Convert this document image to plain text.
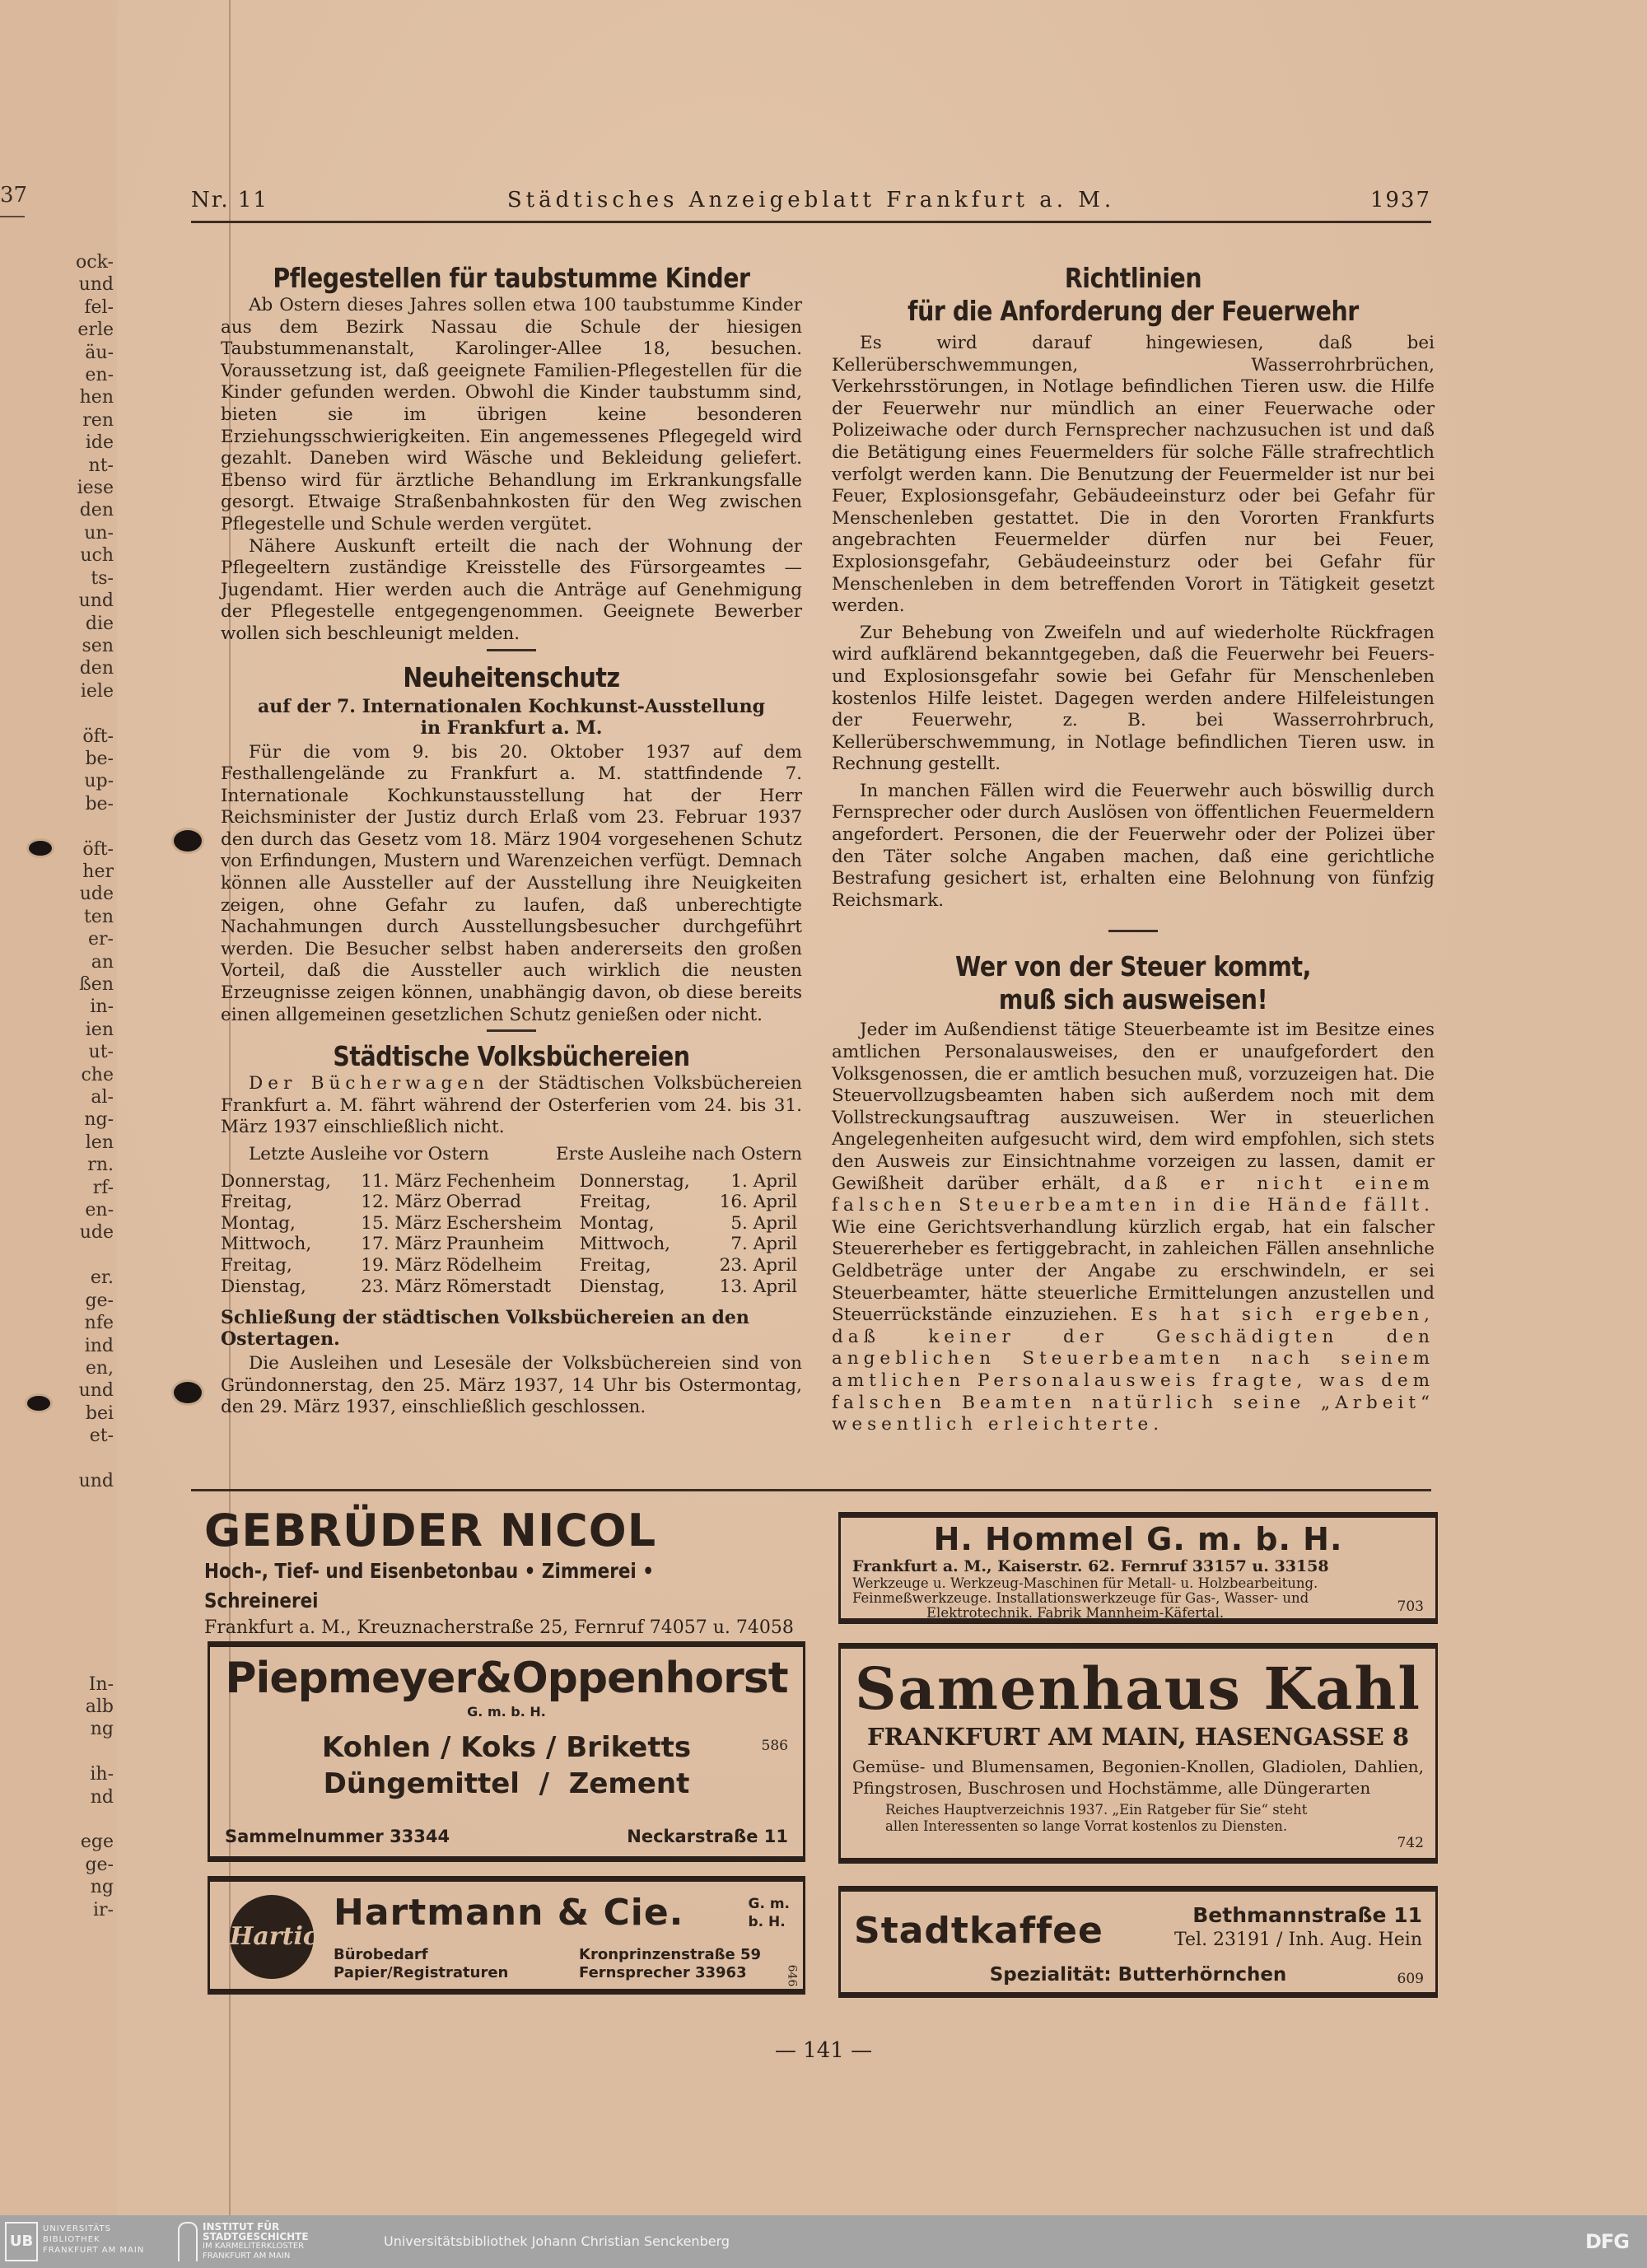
37
ock-
und
fel-
erle
äu-
en-
hen
ren
ide
nt-
iese
den
un-
uch
ts-
und
die
sen
den
iele

öft-
be-
up-
be-

öft-
her
ude
ten
er-
an
ßen
in-
ien
ut-
che
al-
ng-
len
rn.
rf-
en-
ude

er.
ge-
nfe
ind
en,
und
bei
et-

und

In-
alb
ng

ih-
nd

ege
ge-
ng
ir-
Nr. 11	Städtisches Anzeigeblatt Frankfurt a. M.	1937
Pflegestellen für taubstumme Kinder

Ab Ostern dieses Jahres sollen etwa 100 taubstumme Kinder aus dem Bezirk Nassau die Schule der hiesigen Taubstummenanstalt, Karolinger-Allee 18, besuchen. Voraussetzung ist, daß geeignete Familien-Pflegestellen für die Kinder gefunden werden. Obwohl die Kinder taubstumm sind, bieten sie im übrigen keine besonderen Erziehungsschwierigkeiten. Ein angemessenes Pflegegeld wird gezahlt. Daneben wird Wäsche und Bekleidung geliefert. Ebenso wird für ärztliche Behandlung im Erkrankungsfalle gesorgt. Etwaige Straßenbahnkosten für den Weg zwischen Pflegestelle und Schule werden vergütet.

Nähere Auskunft erteilt die nach der Wohnung der Pflegeeltern zuständige Kreisstelle des Fürsorgeamtes — Jugendamt. Hier werden auch die Anträge auf Genehmigung der Pflegestelle entgegengenommen. Geeignete Bewerber wollen sich beschleunigt melden.

Neuheitenschutz
auf der 7. Internationalen Kochkunst-Ausstellung
in Frankfurt a. M.

Für die vom 9. bis 20. Oktober 1937 auf dem Festhallengelände zu Frankfurt a. M. stattfindende 7. Internationale Kochkunstausstellung hat der Herr Reichsminister der Justiz durch Erlaß vom 23. Februar 1937 den durch das Gesetz vom 18. März 1904 vorgesehenen Schutz von Erfindungen, Mustern und Warenzeichen verfügt. Demnach können alle Aussteller auf der Ausstellung ihre Neuigkeiten zeigen, ohne Gefahr zu laufen, daß unberechtigte Nachahmungen durch Ausstellungsbesucher durchgeführt werden. Die Besucher selbst haben andererseits den großen Vorteil, daß die Aussteller auch wirklich die neusten Erzeugnisse zeigen können, unabhängig davon, ob diese bereits einen allgemeinen gesetzlichen Schutz genießen oder nicht.

Städtische Volksbüchereien

Der Bücherwagen der Städtischen Volksbüchereien Frankfurt a. M. fährt während der Osterferien vom 24. bis 31. März 1937 einschließlich nicht.

Letzte Ausleihe vor Ostern	Erste Ausleihe nach Ostern
Donnerstag,	11. März	Fechenheim	Donnerstag,	1. April
Freitag,	12. März	Oberrad	Freitag,	16. April
Montag,	15. März	Eschersheim	Montag,	5. April
Mittwoch,	17. März	Praunheim	Mittwoch,	7. April
Freitag,	19. März	Rödelheim	Freitag,	23. April
Dienstag,	23. März	Römerstadt	Dienstag,	13. April
Schließung der städtischen Volksbüchereien an den Ostertagen.

Die Ausleihen und Lesesäle der Volksbüchereien sind von Gründonnerstag, den 25. März 1937, 14 Uhr bis Ostermontag, den 29. März 1937, einschließlich geschlossen.

Richtlinien
für die Anforderung der Feuerwehr

Es wird darauf hingewiesen, daß bei Kellerüberschwemmungen, Wasserrohrbrüchen, Verkehrsstörungen, in Notlage befindlichen Tieren usw. die Hilfe der Feuerwehr nur mündlich an einer Feuerwache oder Polizeiwache oder durch Fernsprecher nachzusuchen ist und daß die Betätigung eines Feuermelders für solche Fälle strafrechtlich verfolgt werden kann. Die Benutzung der Feuermelder ist nur bei Feuer, Explosionsgefahr, Gebäudeeinsturz oder bei Gefahr für Menschenleben gestattet. Die in den Vororten Frankfurts angebrachten Feuermelder dürfen nur bei Feuer, Explosionsgefahr, Gebäudeeinsturz oder bei Gefahr für Menschenleben in dem betreffenden Vorort in Tätigkeit gesetzt werden.

Zur Behebung von Zweifeln und auf wiederholte Rückfragen wird aufklärend bekanntgegeben, daß die Feuerwehr bei Feuers- und Explosionsgefahr sowie bei Gefahr für Menschenleben kostenlos Hilfe leistet. Dagegen werden andere Hilfeleistungen der Feuerwehr, z. B. bei Wasserrohrbruch, Kellerüberschwemmung, in Notlage befindlichen Tieren usw. in Rechnung gestellt.

In manchen Fällen wird die Feuerwehr auch böswillig durch Fernsprecher oder durch Auslösen von öffentlichen Feuermeldern angefordert. Personen, die der Feuerwehr oder der Polizei über den Täter solche Angaben machen, daß eine gerichtliche Bestrafung gesichert ist, erhalten eine Belohnung von fünfzig Reichsmark.

Wer von der Steuer kommt,
muß sich ausweisen!

Jeder im Außendienst tätige Steuerbeamte ist im Besitze eines amtlichen Personalausweises, den er unaufgefordert den Volksgenossen, die er amtlich besuchen muß, vorzuzeigen hat. Die Steuervollzugsbeamten haben sich außerdem noch mit dem Vollstreckungsauftrag auszuweisen. Wer in steuerlichen Angelegenheiten aufgesucht wird, dem wird empfohlen, sich stets den Ausweis zur Einsichtnahme vorzeigen zu lassen, damit er Gewißheit darüber erhält, daß er nicht einem falschen Steuerbeamten in die Hände fällt. Wie eine Gerichtsverhandlung kürzlich ergab, hat ein falscher Steuererheber es fertiggebracht, in zahleichen Fällen ansehnliche Geldbeträge unter der Angabe zu erschwindeln, er sei Steuerbeamter, hätte steuerliche Ermittelungen anzustellen und Steuerrückstände einzuziehen. Es hat sich ergeben, daß keiner der Geschädigten den angeblichen Steuerbeamten nach seinem amtlichen Personalausweis fragte, was dem falschen Beamten natürlich seine „Arbeit“ wesentlich erleichterte.

GEBRÜDER NICOL
Hoch-, Tief- und Eisenbetonbau • Zimmerei • Schreinerei
Frankfurt a. M., Kreuznacherstraße 25, Fernruf 74057 u. 74058
H. Hommel G. m. b. H.
Frankfurt a. M., Kaiserstr. 62. Fernruf 33157 u. 33158
Werkzeuge u. Werkzeug-Maschinen für Metall- u. Holzbearbeitung.
Feinmeßwerkzeuge. Installationswerkzeuge für Gas-, Wasser- und
Elektrotechnik. Fabrik Mannheim-Käfertal.	703
Piepmeyer&Oppenhorst
G. m. b. H.
Kohlen / Koks / Briketts
Düngemittel  /  Zement
Sammelnummer 33344	Neckarstraße 11
586
Samenhaus Kahl
FRANKFURT AM MAIN, HASENGASSE 8
Gemüse- und Blumensamen, Begonien-Knollen, Gladiolen, Dahlien, Pfingstrosen, Buschrosen und Hochstämme, alle Düngerarten
Reiches Hauptverzeichnis 1937. „Ein Ratgeber für Sie“ steht
allen Interessenten so lange Vorrat kostenlos zu Diensten.
742
Hartic
Hartmann & Cie.	G. m.
b. H.
Bürobedarf
Papier/Registraturen
Kronprinzenstraße 59
Fernsprecher 33963	646
Stadtkaffee	Bethmannstraße 11
Tel. 23191 / Inh. Aug. Hein
Spezialität: Butterhörnchen	609
— 141 —
UB
UNIVERSITÄTS
BIBLIOTHEK
FRANKFURT AM MAIN
INSTITUT FÜR
STADTGESCHICHTE
IM KARMELITERKLOSTER
FRANKFURT AM MAIN
Universitätsbibliothek Johann Christian Senckenberg	DFG
